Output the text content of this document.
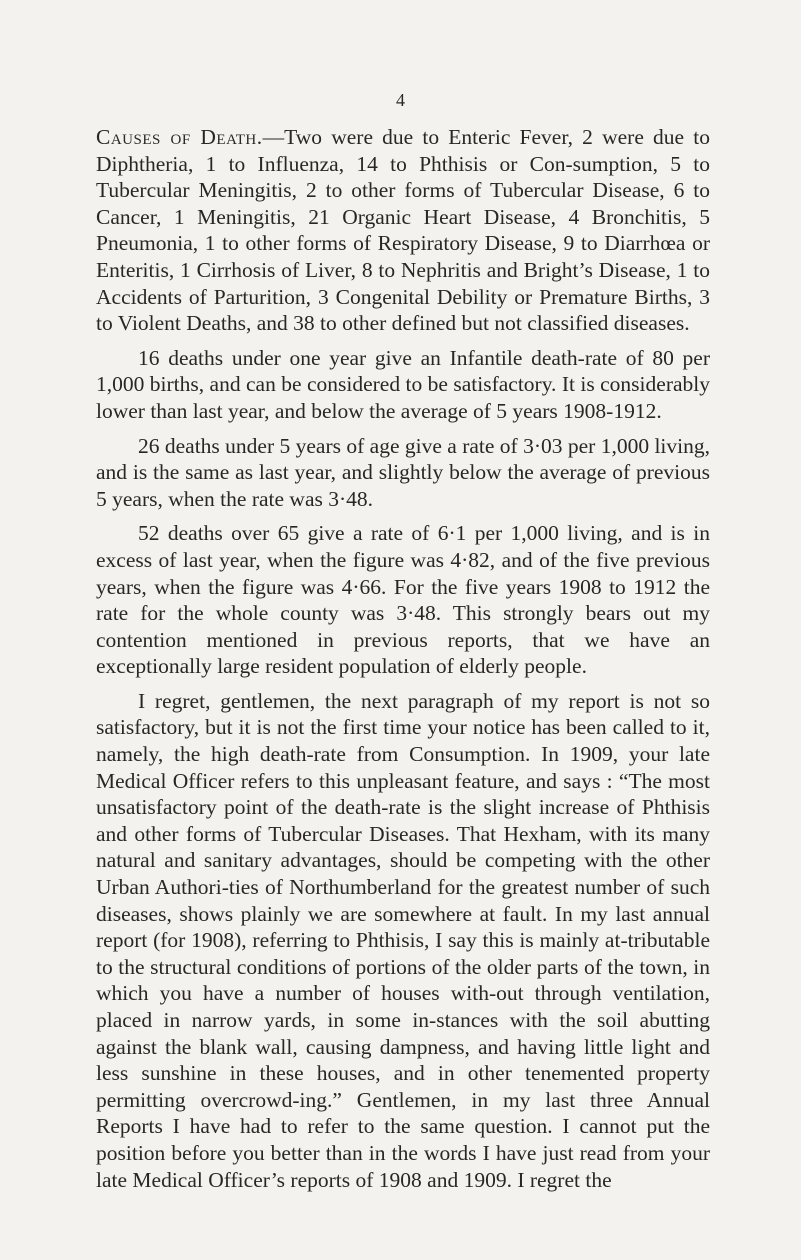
4

Causes of Death.—Two were due to Enteric Fever, 2 were due to Diphtheria, 1 to Influenza, 14 to Phthisis or Con-sumption, 5 to Tubercular Meningitis, 2 to other forms of Tubercular Disease, 6 to Cancer, 1 Meningitis, 21 Organic Heart Disease, 4 Bronchitis, 5 Pneumonia, 1 to other forms of Respiratory Disease, 9 to Diarrhœa or Enteritis, 1 Cirrhosis of Liver, 8 to Nephritis and Bright’s Disease, 1 to Accidents of Parturition, 3 Congenital Debility or Premature Births, 3 to Violent Deaths, and 38 to other defined but not classified diseases.

16 deaths under one year give an Infantile death-rate of 80 per 1,000 births, and can be considered to be satisfactory. It is considerably lower than last year, and below the average of 5 years 1908-1912.

26 deaths under 5 years of age give a rate of 3·03 per 1,000 living, and is the same as last year, and slightly below the average of previous 5 years, when the rate was 3·48.

52 deaths over 65 give a rate of 6·1 per 1,000 living, and is in excess of last year, when the figure was 4·82, and of the five previous years, when the figure was 4·66. For the five years 1908 to 1912 the rate for the whole county was 3·48. This strongly bears out my contention mentioned in previous reports, that we have an exceptionally large resident population of elderly people.

I regret, gentlemen, the next paragraph of my report is not so satisfactory, but it is not the first time your notice has been called to it, namely, the high death-rate from Consumption. In 1909, your late Medical Officer refers to this unpleasant feature, and says : “The most unsatisfactory point of the death-rate is the slight increase of Phthisis and other forms of Tubercular Diseases. That Hexham, with its many natural and sanitary advantages, should be competing with the other Urban Authori-ties of Northumberland for the greatest number of such diseases, shows plainly we are somewhere at fault. In my last annual report (for 1908), referring to Phthisis, I say this is mainly at-tributable to the structural conditions of portions of the older parts of the town, in which you have a number of houses with-out through ventilation, placed in narrow yards, in some in-stances with the soil abutting against the blank wall, causing dampness, and having little light and less sunshine in these houses, and in other tenemented property permitting overcrowd-ing.” Gentlemen, in my last three Annual Reports I have had to refer to the same question. I cannot put the position before you better than in the words I have just read from your late Medical Officer’s reports of 1908 and 1909. I regret the
